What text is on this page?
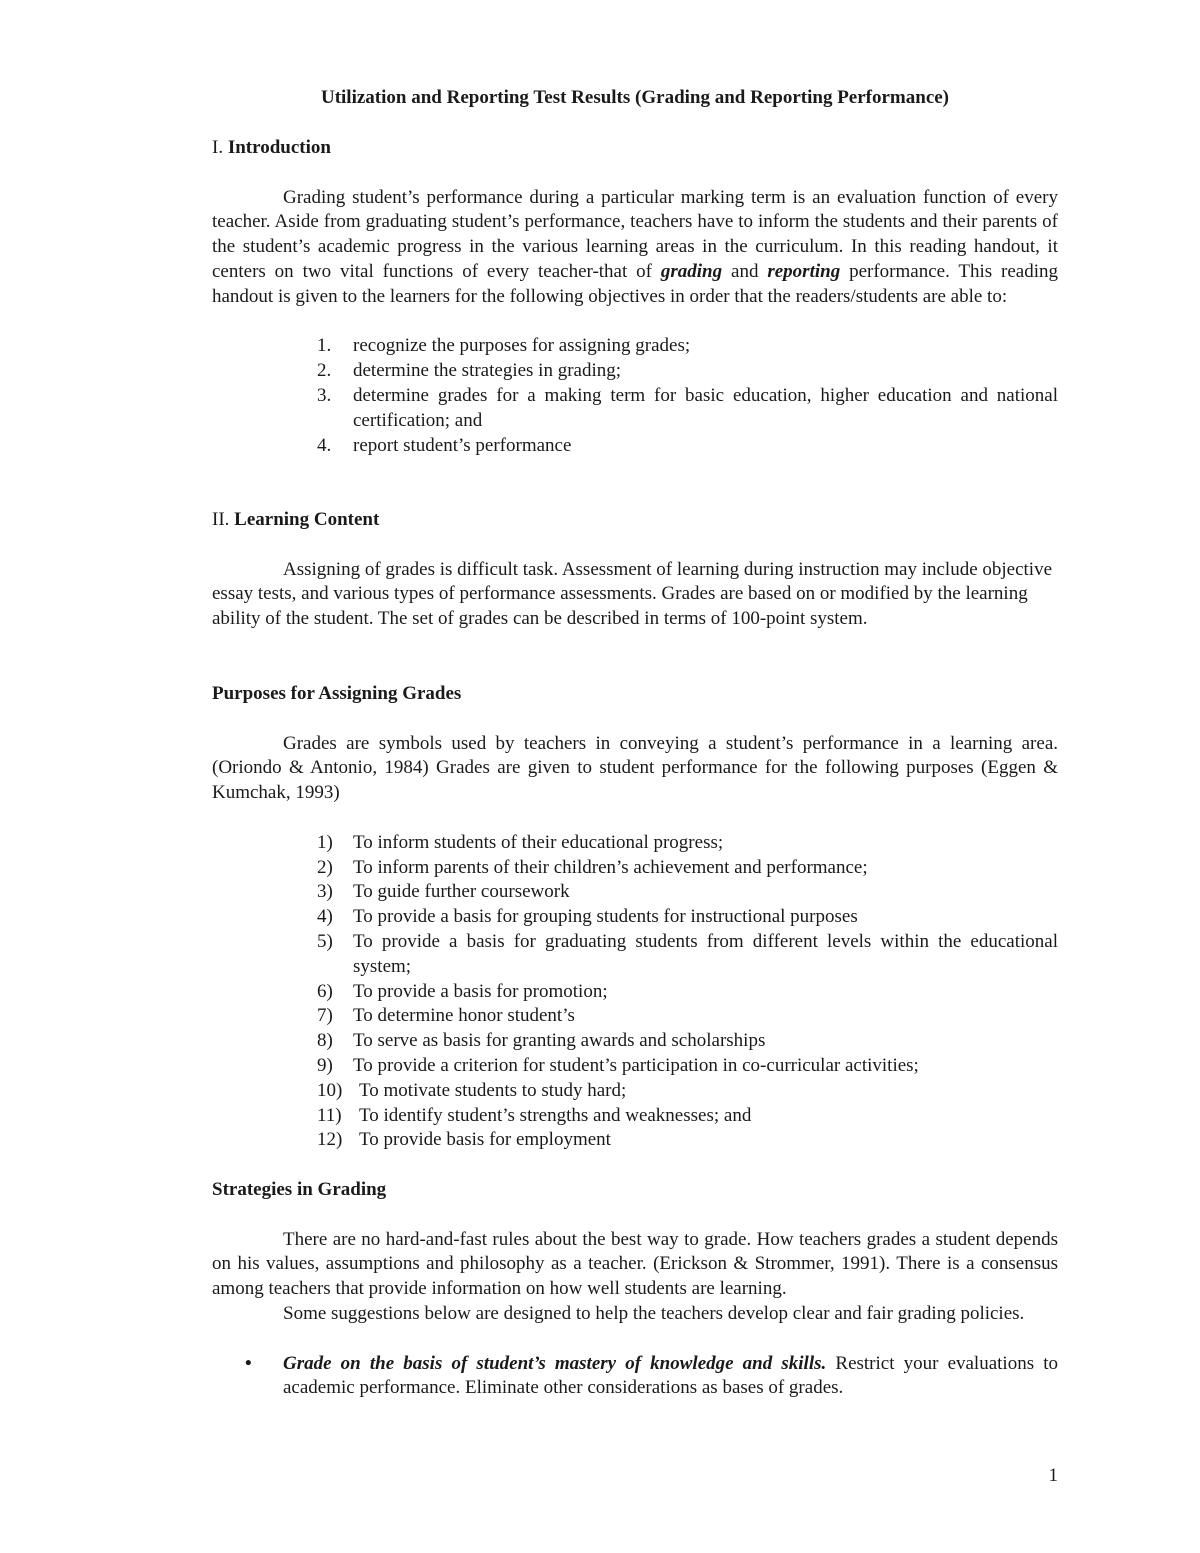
Utilization and Reporting Test Results (Grading and Reporting Performance)
I. Introduction

Grading student’s performance during a particular marking term is an evaluation function of every teacher. Aside from graduating student’s performance, teachers have to inform the students and their parents of the student’s academic progress in the various learning areas in the curriculum. In this reading handout, it centers on two vital functions of every teacher-that of grading and reporting performance. This reading handout is given to the learners for the following objectives in order that the readers/students are able to:

1. recognize the purposes for assigning grades;
2. determine the strategies in grading;
3. determine grades for a making term for basic education, higher education and national certification; and
4. report student’s performance
II. Learning Content

Assigning of grades is difficult task. Assessment of learning during instruction may include objective essay tests, and various types of performance assessments. Grades are based on or modified by the learning ability of the student. The set of grades can be described in terms of 100-point system.

Purposes for Assigning Grades

Grades are symbols used by teachers in conveying a student’s performance in a learning area. (Oriondo & Antonio, 1984) Grades are given to student performance for the following purposes (Eggen & Kumchak, 1993)

1) To inform students of their educational progress;
2) To inform parents of their children’s achievement and performance;
3) To guide further coursework
4) To provide a basis for grouping students for instructional purposes
5) To provide a basis for graduating students from different levels within the educational system;
6) To provide a basis for promotion;
7) To determine honor student’s
8) To serve as basis for granting awards and scholarships
9) To provide a criterion for student’s participation in co-curricular activities;
10) To motivate students to study hard;
11) To identify student’s strengths and weaknesses; and
12) To provide basis for employment
Strategies in Grading

There are no hard-and-fast rules about the best way to grade. How teachers grades a student depends on his values, assumptions and philosophy as a teacher. (Erickson & Strommer, 1991). There is a consensus among teachers that provide information on how well students are learning.

Some suggestions below are designed to help the teachers develop clear and fair grading policies.

• Grade on the basis of student’s mastery of knowledge and skills. Restrict your evaluations to academic performance. Eliminate other considerations as bases of grades.
1
